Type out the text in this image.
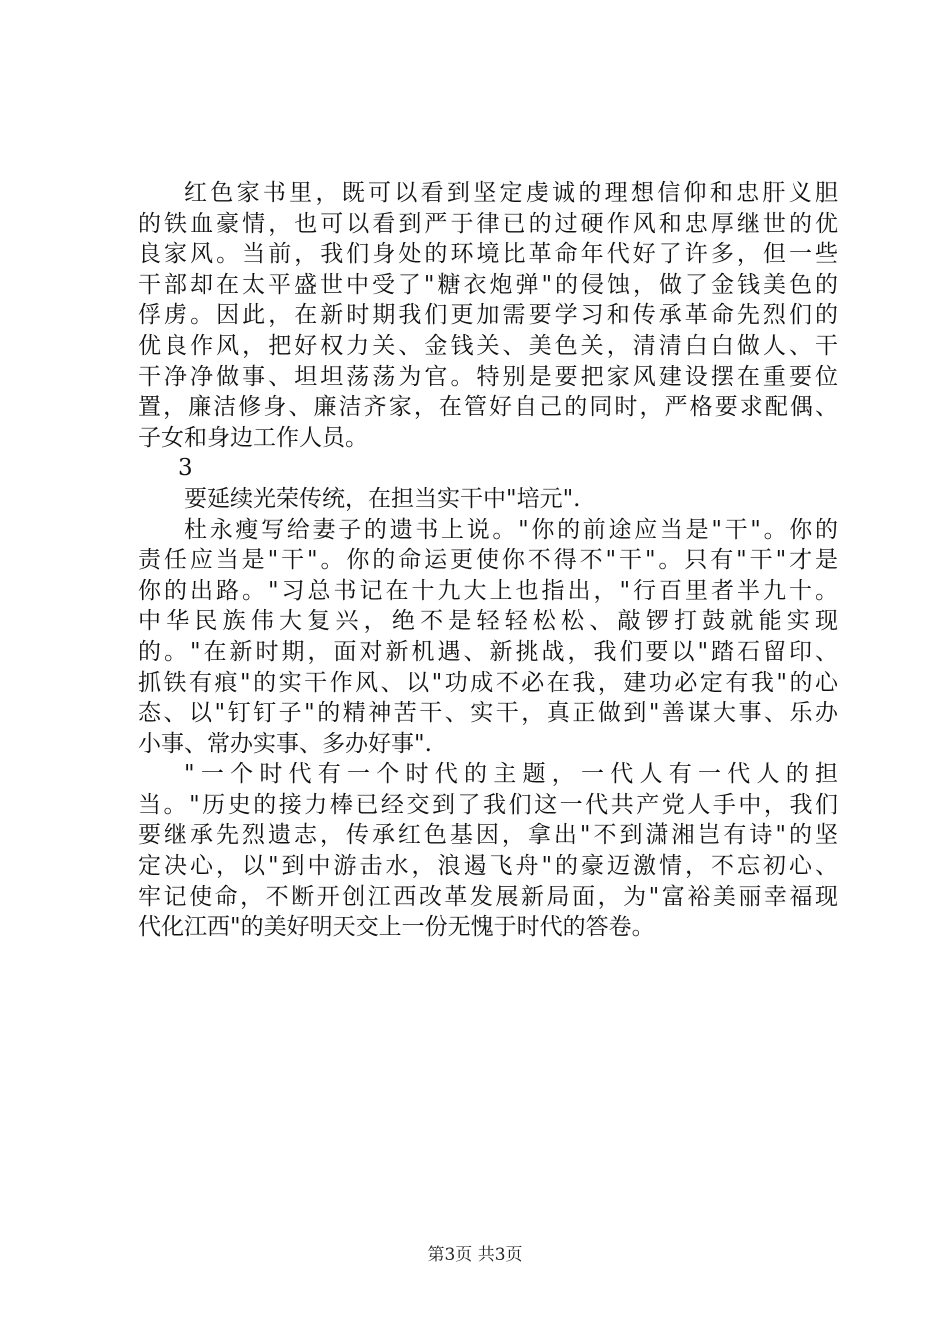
红色家书里，既可以看到坚定虔诚的理想信仰和忠肝义胆
的铁血豪情，也可以看到严于律已的过硬作风和忠厚继世的优
良家风。当前，我们身处的环境比革命年代好了许多，但一些
干部却在太平盛世中受了"糖衣炮弹"的侵蚀，做了金钱美色的
俘虏。因此，在新时期我们更加需要学习和传承革命先烈们的
优良作风，把好权力关、金钱关、美色关，清清白白做人、干
干净净做事、坦坦荡荡为官。特别是要把家风建设摆在重要位
置，廉洁修身、廉洁齐家，在管好自己的同时，严格要求配偶、
子女和身边工作人员。
3
要延续光荣传统，在担当实干中"培元".
杜永瘦写给妻子的遗书上说。"你的前途应当是"干"。你的
责任应当是"干"。你的命运更使你不得不"干"。只有"干"才是
你的出路。"习总书记在十九大上也指出，"行百里者半九十。
中华民族伟大复兴，绝不是轻轻松松、敲锣打鼓就能实现
的。"在新时期，面对新机遇、新挑战，我们要以"踏石留印、
抓铁有痕"的实干作风、以"功成不必在我，建功必定有我"的心
态、以"钉钉子"的精神苦干、实干，真正做到"善谋大事、乐办
小事、常办实事、多办好事".
"一个时代有一个时代的主题，一代人有一代人的担
当。"历史的接力棒已经交到了我们这一代共产党人手中，我们
要继承先烈遗志，传承红色基因，拿出"不到潇湘岂有诗"的坚
定决心，以"到中游击水，浪遏飞舟"的豪迈激情，不忘初心、
牢记使命，不断开创江西改革发展新局面，为"富裕美丽幸福现
代化江西"的美好明天交上一份无愧于时代的答卷。
第3页 共3页
